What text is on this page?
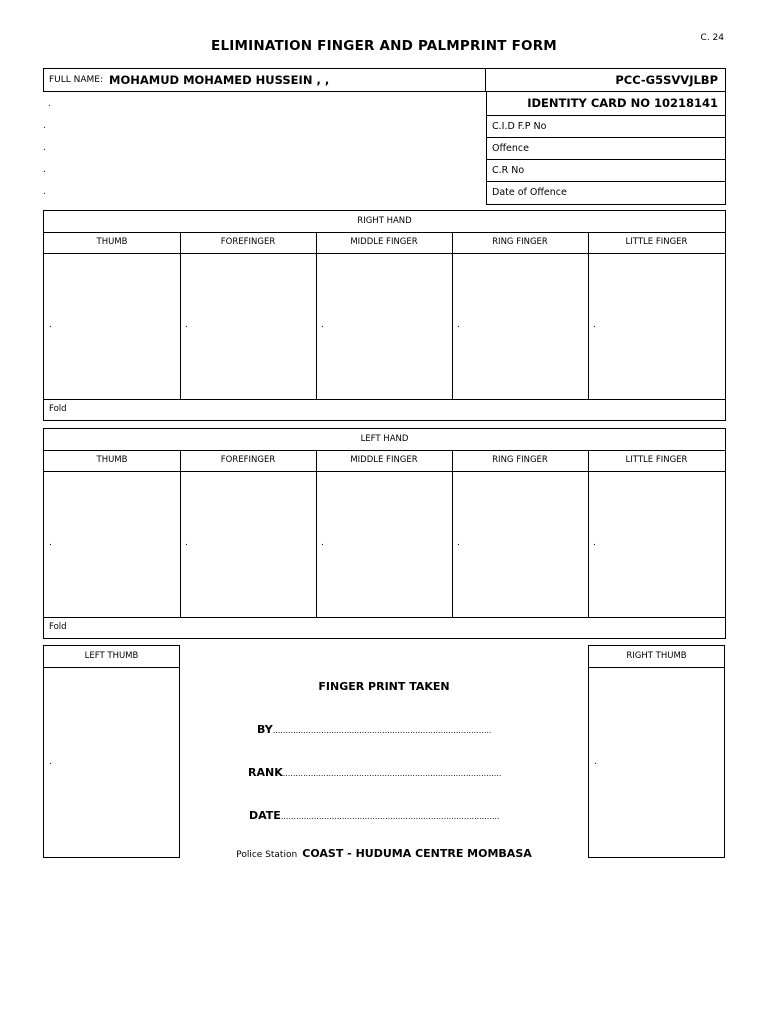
C. 24
ELIMINATION FINGER AND PALMPRINT FORM
FULL NAME: MOHAMUD MOHAMED HUSSEIN , ,	PCC-G5SVVJLBP
.
.
.
.
.
IDENTITY CARD NO 10218141
C.I.D F.P No
Offence
C.R No
Date of Offence
RIGHT HAND
THUMB	FOREFINGER	MIDDLE FINGER	RING FINGER	LITTLE FINGER
.	.	.	.	.
Fold
LEFT HAND
THUMB	FOREFINGER	MIDDLE FINGER	RING FINGER	LITTLE FINGER
.	.	.	.	.
Fold
LEFT THUMB
.
RIGHT THUMB
.
FINGER PRINT TAKEN
BY......................................................................................
RANK......................................................................................
DATE......................................................................................
Police Station COAST - HUDUMA CENTRE MOMBASA
